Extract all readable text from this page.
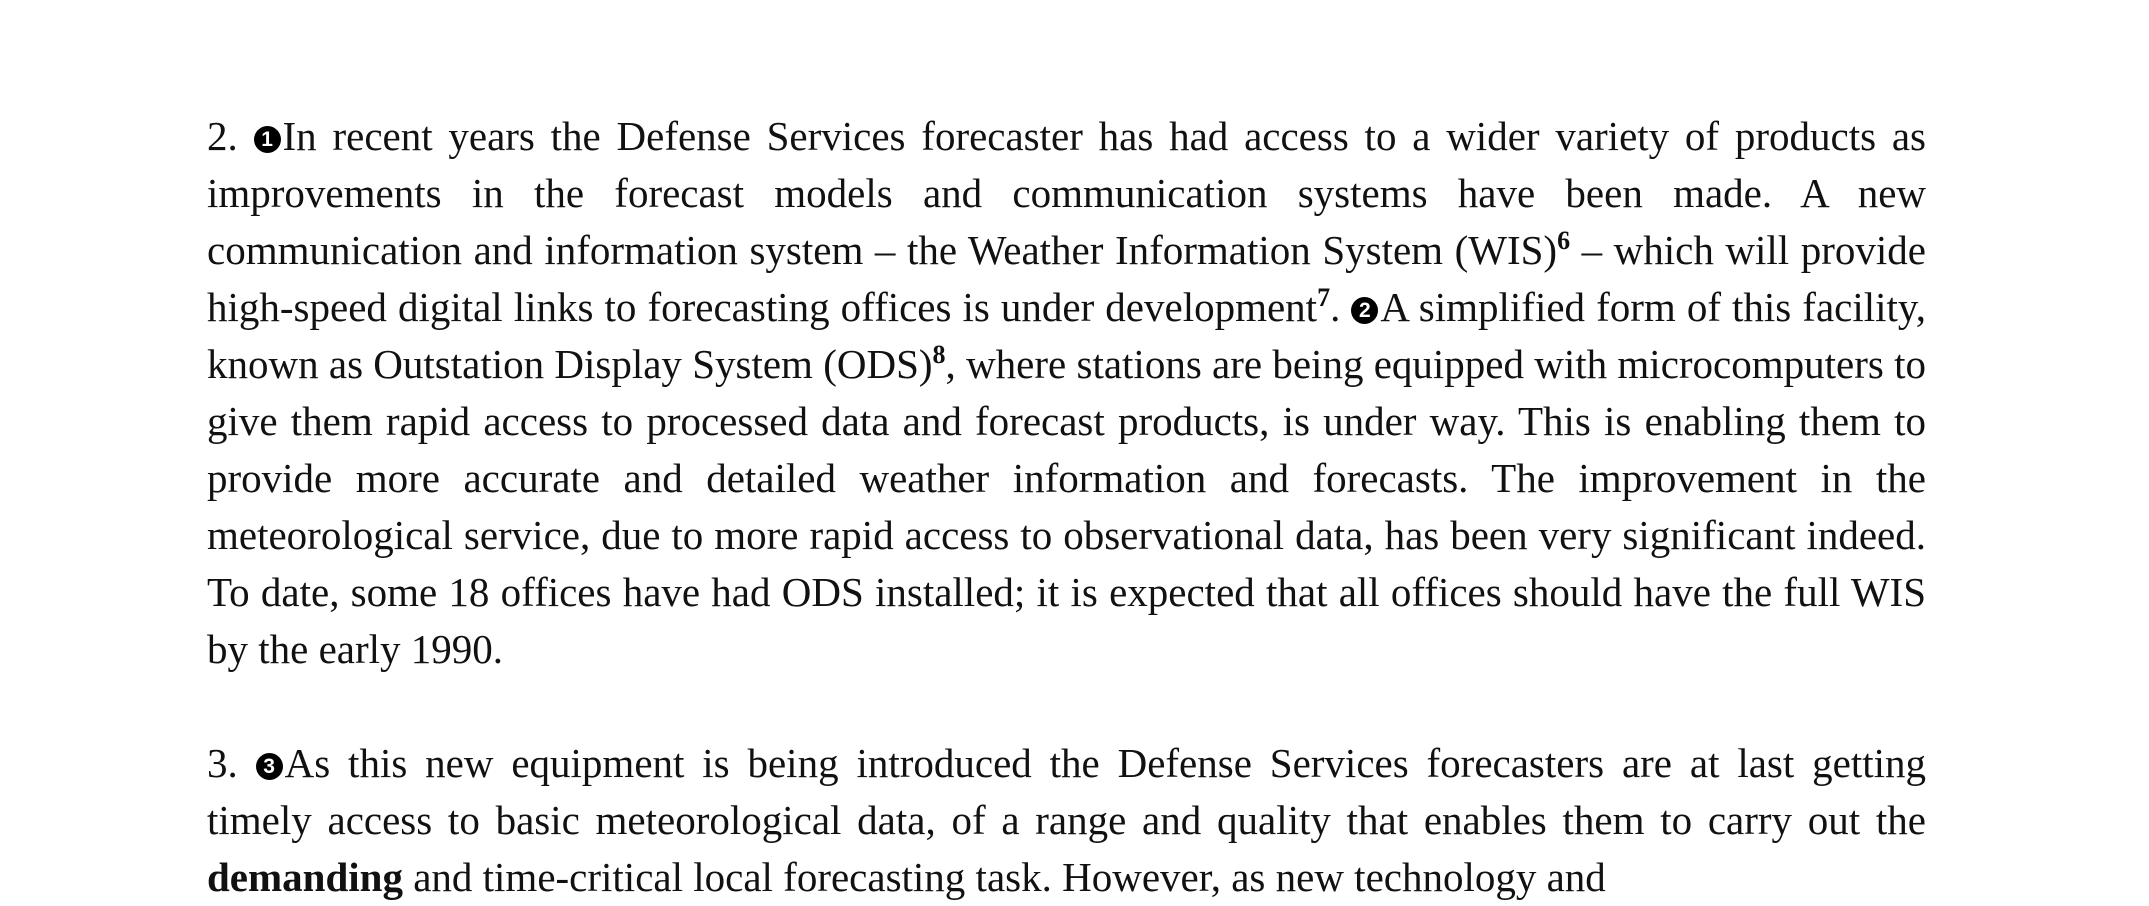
2. 1 In recent years the Defense Services forecaster has had access to a wider variety of products as improvements in the forecast models and communication systems have been made. A new communication and information system – the Weather Information System (WIS)$^6$ – which will provide high-speed digital links to forecasting offices is under development$^7$. 2 A simplified form of this facility, known as Outstation Display System (ODS)$^8$, where stations are being equipped with microcomputers to give them rapid access to processed data and forecast products, is under way. This is enabling them to provide more accurate and detailed weather information and forecasts. The improvement in the meteorological service, due to more rapid access to observational data, has been very significant indeed. To date, some 18 offices have had ODS installed; it is expected that all offices should have the full WIS by the early 1990.

3. 3 As this new equipment is being introduced the Defense Services forecasters are at last getting timely access to basic meteorological data, of a range and quality that enables them to carry out the demanding and time-critical local forecasting task. However, as new technology and
